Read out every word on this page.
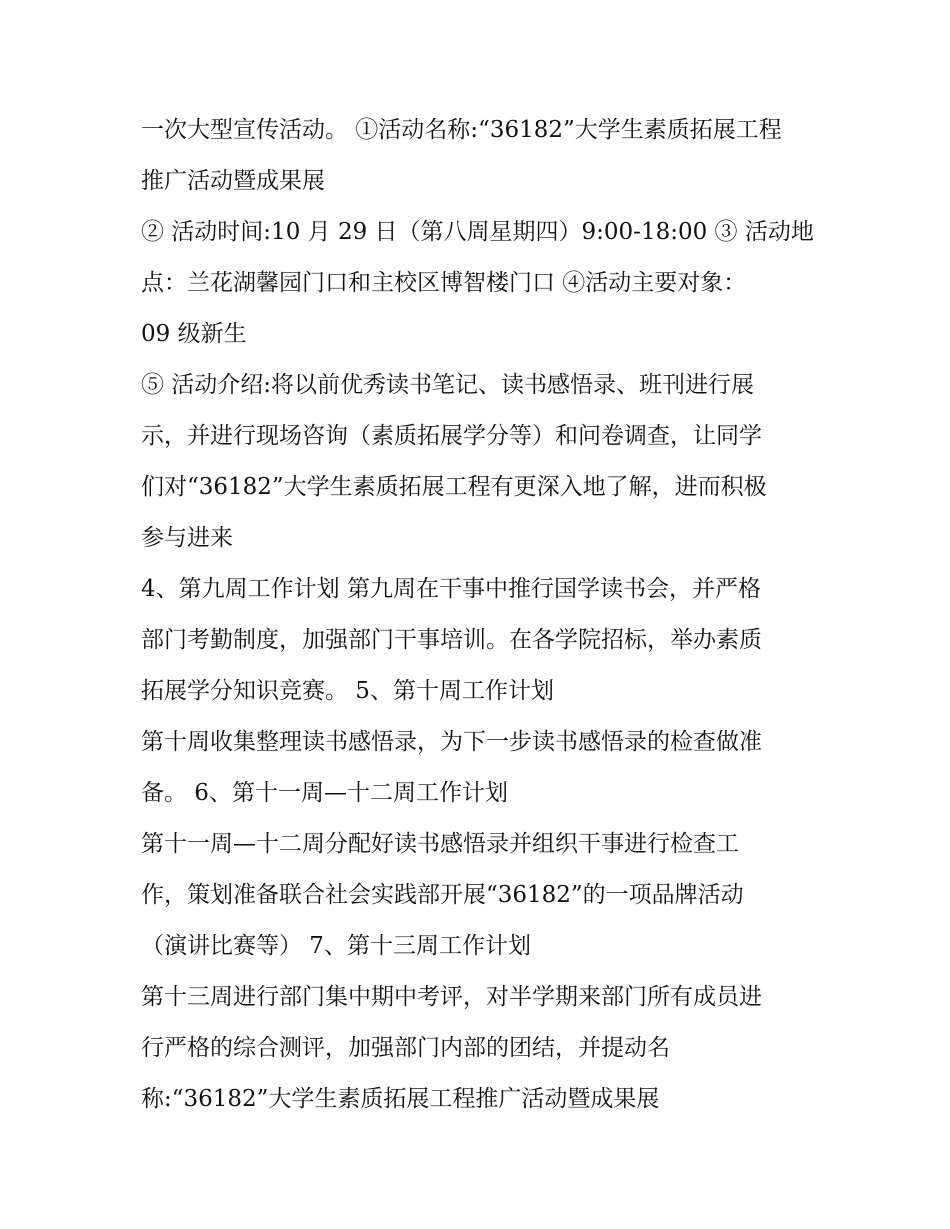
一次大型宣传活动。 ①活动名称:“36182”大学生素质拓展工程
推广活动暨成果展
② 活动时间:10 月 29 日（第八周星期四）9:00-18:00 ③ 活动地
点：兰花湖馨园门口和主校区博智楼门口 ④活动主要对象：
09 级新生
⑤ 活动介绍:将以前优秀读书笔记、读书感悟录、班刊进行展
示，并进行现场咨询（素质拓展学分等）和问卷调查，让同学
们对“36182”大学生素质拓展工程有更深入地了解，进而积极
参与进来
4、第九周工作计划 第九周在干事中推行国学读书会，并严格
部门考勤制度，加强部门干事培训。在各学院招标，举办素质
拓展学分知识竞赛。 5、第十周工作计划
第十周收集整理读书感悟录，为下一步读书感悟录的检查做准
备。 6、第十一周—十二周工作计划
第十一周—十二周分配好读书感悟录并组织干事进行检查工
作，策划准备联合社会实践部开展“36182”的一项品牌活动
（演讲比赛等） 7、第十三周工作计划
第十三周进行部门集中期中考评，对半学期来部门所有成员进
行严格的综合测评，加强部门内部的团结，并提动名
称:“36182”大学生素质拓展工程推广活动暨成果展
